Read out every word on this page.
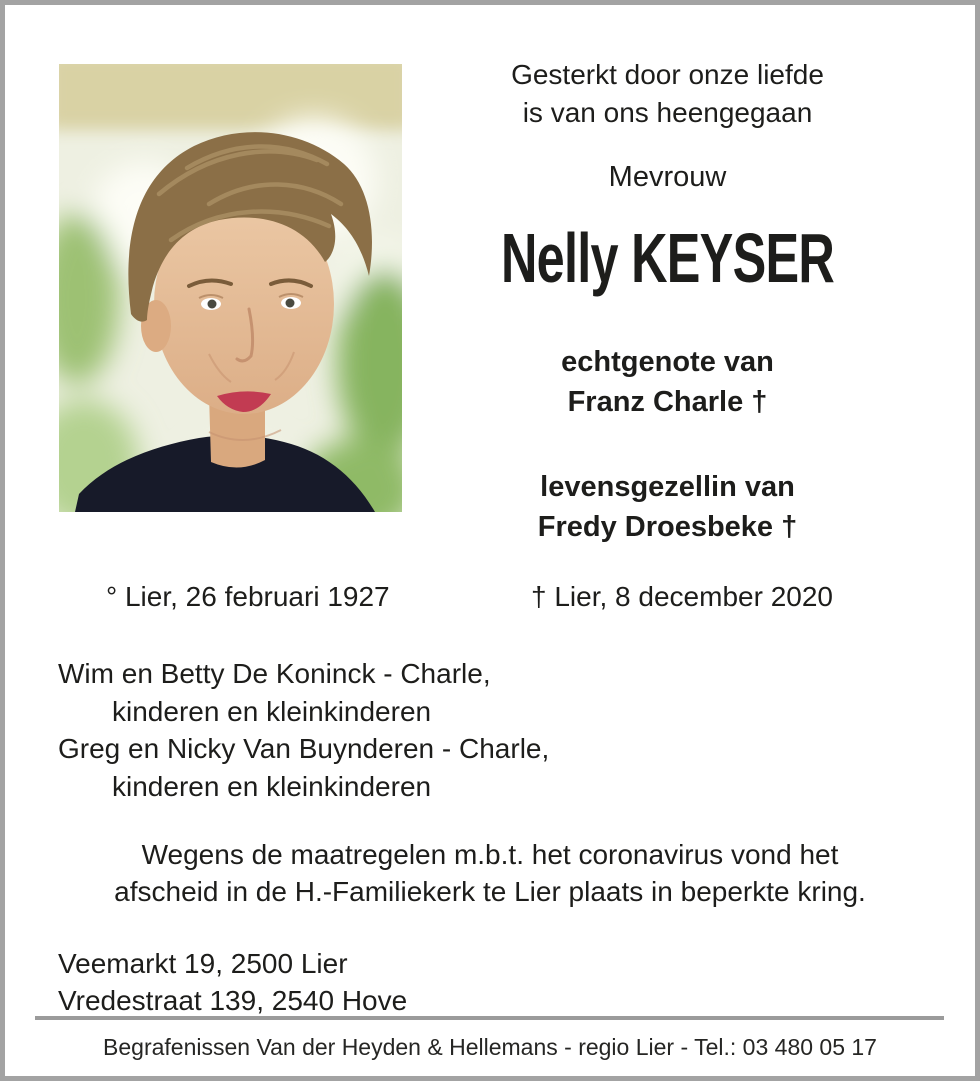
Gesterkt door onze liefde
is van ons heengegaan

Mevrouw

Nelly KEYSER

echtgenote van
Franz Charle †

levensgezellin van
Fredy Droesbeke †

° Lier, 26 februari 1927	† Lier, 8 december 2020
Wim en Betty De Koninck - Charle,
kinderen en kleinkinderen
Greg en Nicky Van Buynderen - Charle,
kinderen en kleinkinderen
Wegens de maatregelen m.b.t. het coronavirus vond het
afscheid in de H.-Familiekerk te Lier plaats in beperkte kring.
Veemarkt 19, 2500 Lier
Vredestraat 139, 2540 Hove
Begrafenissen Van der Heyden & Hellemans - regio Lier - Tel.: 03 480 05 17
